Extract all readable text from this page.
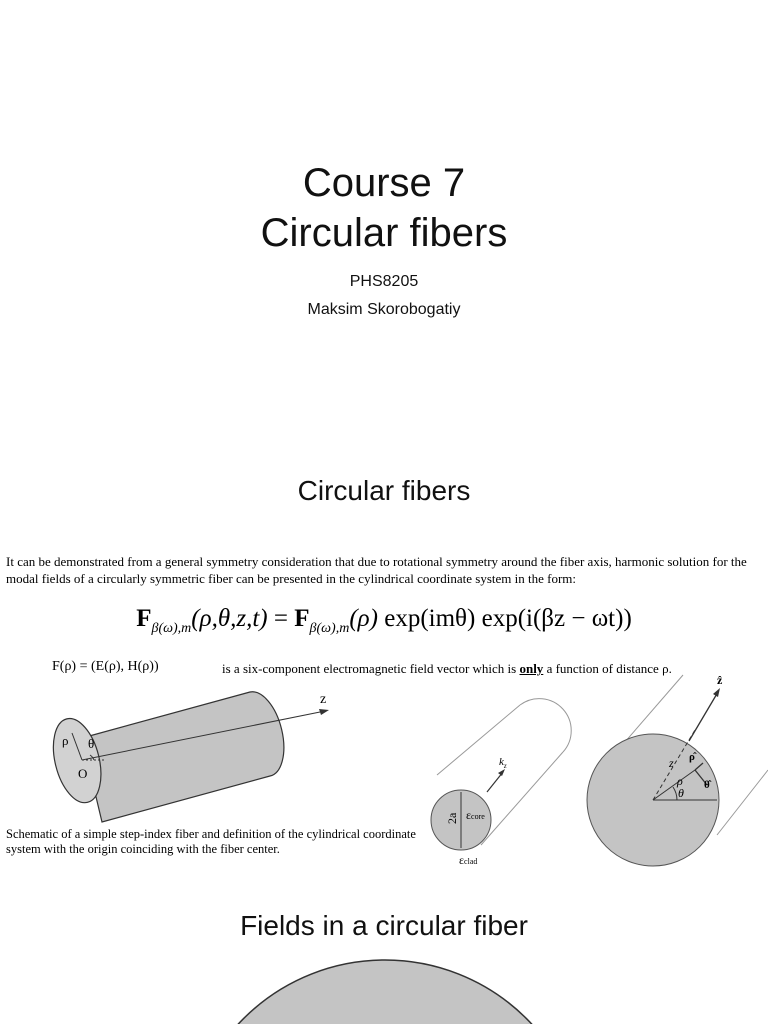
Course 7
Circular fibers
PHS8205
Maksim Skorobogatiy
Circular fibers
It can be demonstrated from a general symmetry consideration that due to rotational symmetry around the fiber axis, harmonic solution for the modal fields of a circularly symmetric fiber can be presented in the cylindrical coordinate system in the form:
$F_{\beta(\omega),m}(\rho,\theta,z,t) = F_{\beta(\omega),m}(\rho)$ exp(imθ) exp(i(βz − ωt))
F(ρ) = (E(ρ), H(ρ))	is a six-component electromagnetic field vector which is only a function of distance ρ.
z
ρ θ
O
Schematic of a simple step-index fiber and definition of the cylindrical coordinate system with the origin coinciding with the fiber center.
$k_z$
2a εcore
εclad
ẑ
z
ρ
θ
ρ̂
θ̂
Fields in a circular fiber
